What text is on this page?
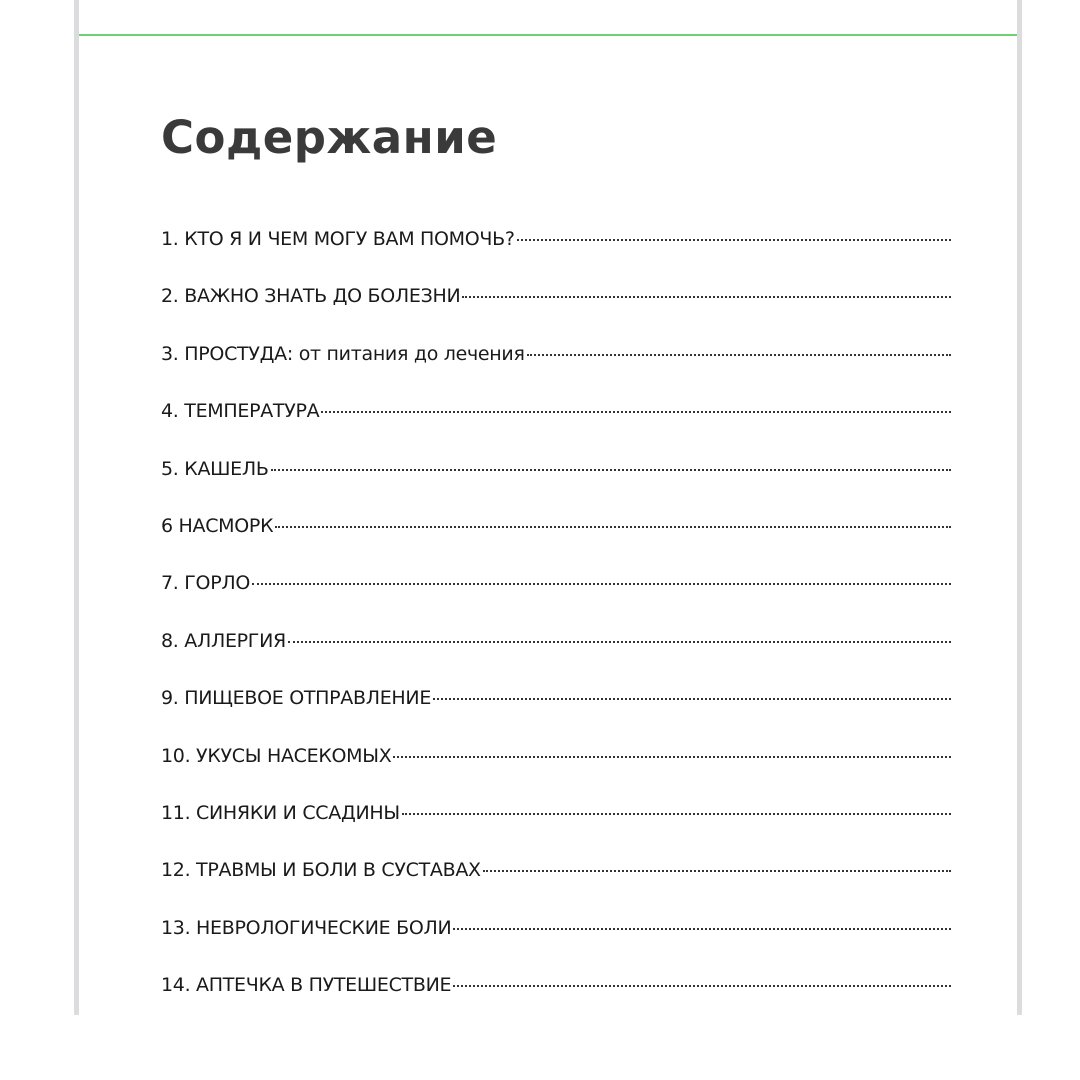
Содержание
1. КТО Я И ЧЕМ МОГУ ВАМ ПОМОЧЬ?
2. ВАЖНО ЗНАТЬ ДО БОЛЕЗНИ
3. ПРОСТУДА: от питания до лечения
4. ТЕМПЕРАТУРА
5. КАШЕЛЬ
6 НАСМОРК
7. ГОРЛО
8. АЛЛЕРГИЯ
9. ПИЩЕВОЕ ОТПРАВЛЕНИЕ
10. УКУСЫ НАСЕКОМЫХ
11. СИНЯКИ И ССАДИНЫ
12. ТРАВМЫ И БОЛИ В СУСТАВАХ
13. НЕВРОЛОГИЧЕСКИЕ БОЛИ
14. АПТЕЧКА В ПУТЕШЕСТВИЕ
